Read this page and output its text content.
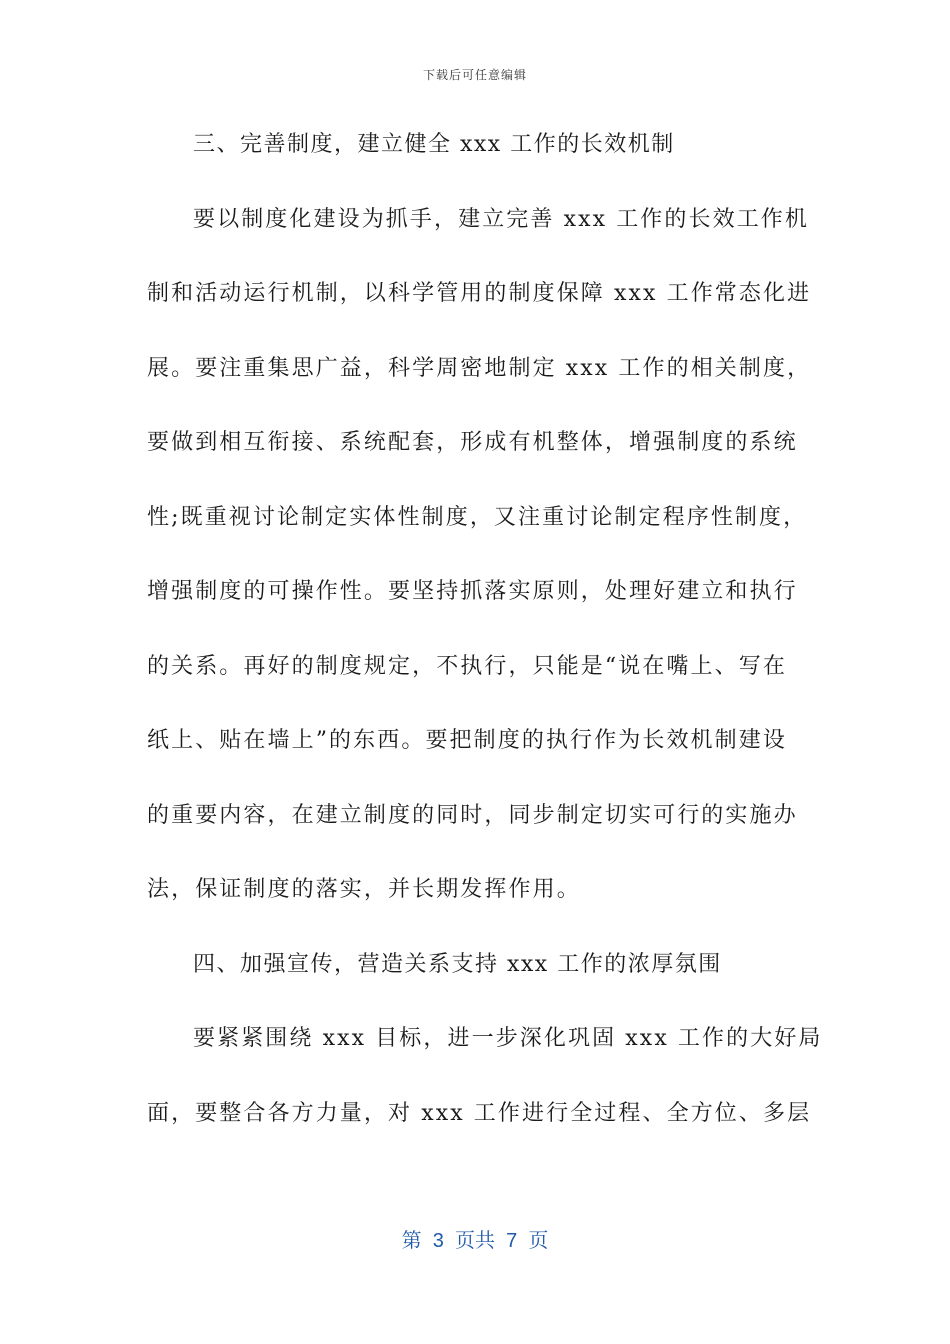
下载后可任意编辑
三、完善制度，建立健全 xxx 工作的长效机制
要以制度化建设为抓手，建立完善 xxx 工作的长效工作机
制和活动运行机制，以科学管用的制度保障 xxx 工作常态化进
展。要注重集思广益，科学周密地制定 xxx 工作的相关制度，
要做到相互衔接、系统配套，形成有机整体，增强制度的系统
性;既重视讨论制定实体性制度，又注重讨论制定程序性制度，
增强制度的可操作性。要坚持抓落实原则，处理好建立和执行
的关系。再好的制度规定，不执行，只能是“说在嘴上、写在
纸上、贴在墙上”的东西。要把制度的执行作为长效机制建设
的重要内容，在建立制度的同时，同步制定切实可行的实施办
法，保证制度的落实，并长期发挥作用。
四、加强宣传，营造关系支持 xxx 工作的浓厚氛围
要紧紧围绕 xxx 目标，进一步深化巩固 xxx 工作的大好局
面，要整合各方力量，对 xxx 工作进行全过程、全方位、多层
第  3  页共  7  页
